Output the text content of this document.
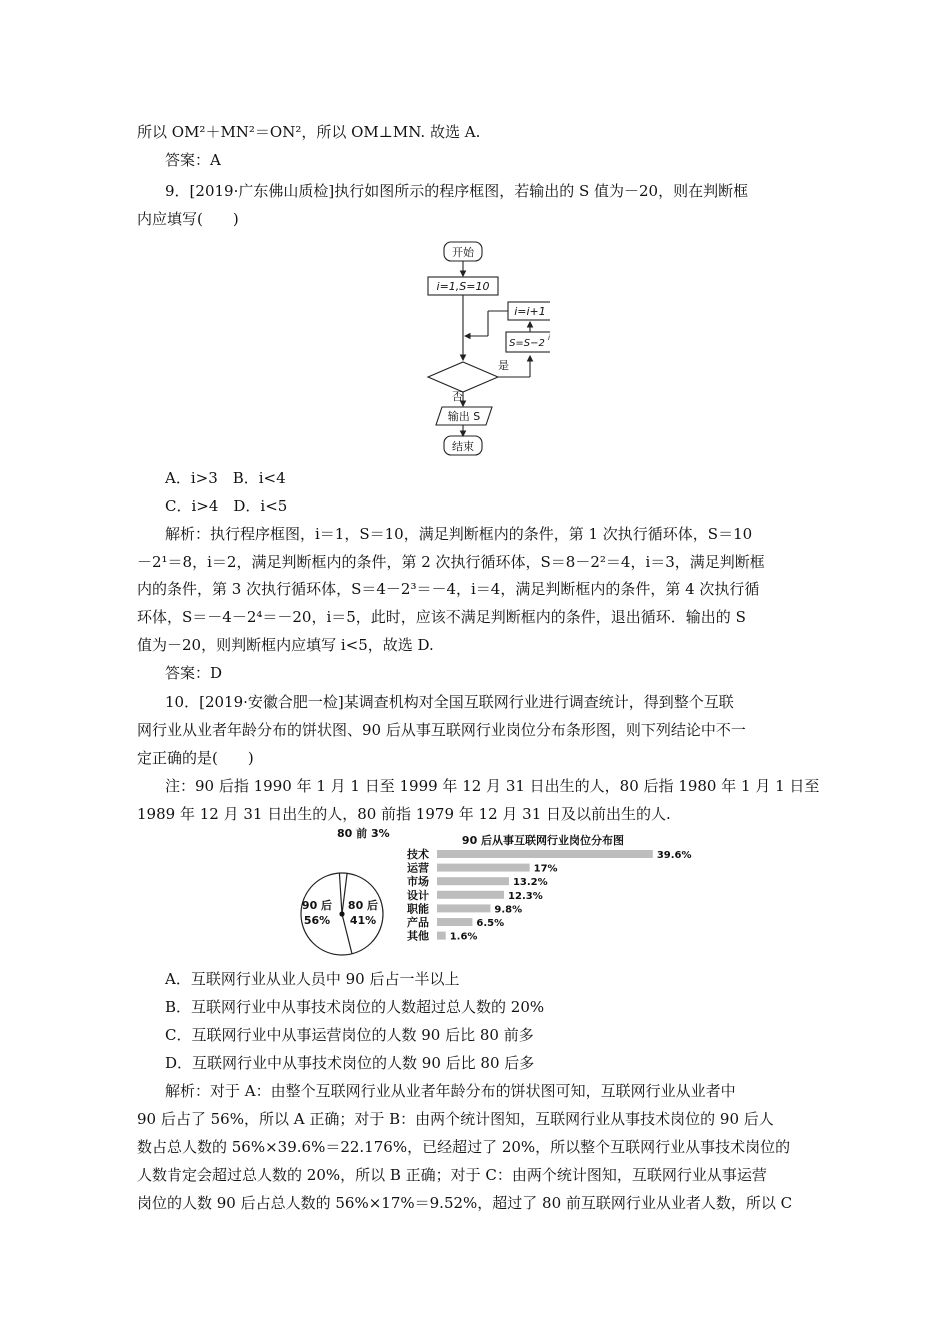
所以 OM²＋MN²＝ON²，所以 OM⊥MN. 故选 A.
答案：A
9．[2019·广东佛山质检]执行如图所示的程序框图，若输出的 S 值为－20，则在判断框
内应填写(　　)
开始
i=1,S=10
i=i+1
S=S−2 i
是
否
输出 S
结束
A．i>3　B．i<4
C．i>4　D．i<5
解析：执行程序框图，i＝1，S＝10，满足判断框内的条件，第 1 次执行循环体，S＝10
－2¹＝8，i＝2，满足判断框内的条件，第 2 次执行循环体，S＝8－2²＝4，i＝3，满足判断框
内的条件，第 3 次执行循环体，S＝4－2³＝－4，i＝4，满足判断框内的条件，第 4 次执行循
环体，S＝－4－2⁴＝－20，i＝5，此时，应该不满足判断框内的条件，退出循环．输出的 S
值为－20，则判断框内应填写 i<5，故选 D.
答案：D
10．[2019·安徽合肥一检]某调查机构对全国互联网行业进行调查统计，得到整个互联
网行业从业者年龄分布的饼状图、90 后从事互联网行业岗位分布条形图，则下列结论中不一
定正确的是(　　)
注：90 后指 1990 年 1 月 1 日至 1999 年 12 月 31 日出生的人，80 后指 1980 年 1 月 1 日至
1989 年 12 月 31 日出生的人，80 前指 1979 年 12 月 31 日及以前出生的人.
80 前 3%
90 后
56%
80 后
41%
90 后从事互联网行业岗位分布图
技术	39.6%
运营	17%
市场	13.2%
设计	12.3%
职能	9.8%
产品	6.5%
其他 1.6%
A．互联网行业从业人员中 90 后占一半以上
B．互联网行业中从事技术岗位的人数超过总人数的 20%
C．互联网行业中从事运营岗位的人数 90 后比 80 前多
D．互联网行业中从事技术岗位的人数 90 后比 80 后多
解析：对于 A：由整个互联网行业从业者年龄分布的饼状图可知，互联网行业从业者中
90 后占了 56%，所以 A 正确；对于 B：由两个统计图知，互联网行业从事技术岗位的 90 后人
数占总人数的 56%×39.6%＝22.176%，已经超过了 20%，所以整个互联网行业从事技术岗位的
人数肯定会超过总人数的 20%，所以 B 正确；对于 C：由两个统计图知，互联网行业从事运营
岗位的人数 90 后占总人数的 56%×17%＝9.52%，超过了 80 前互联网行业从业者人数，所以 C
